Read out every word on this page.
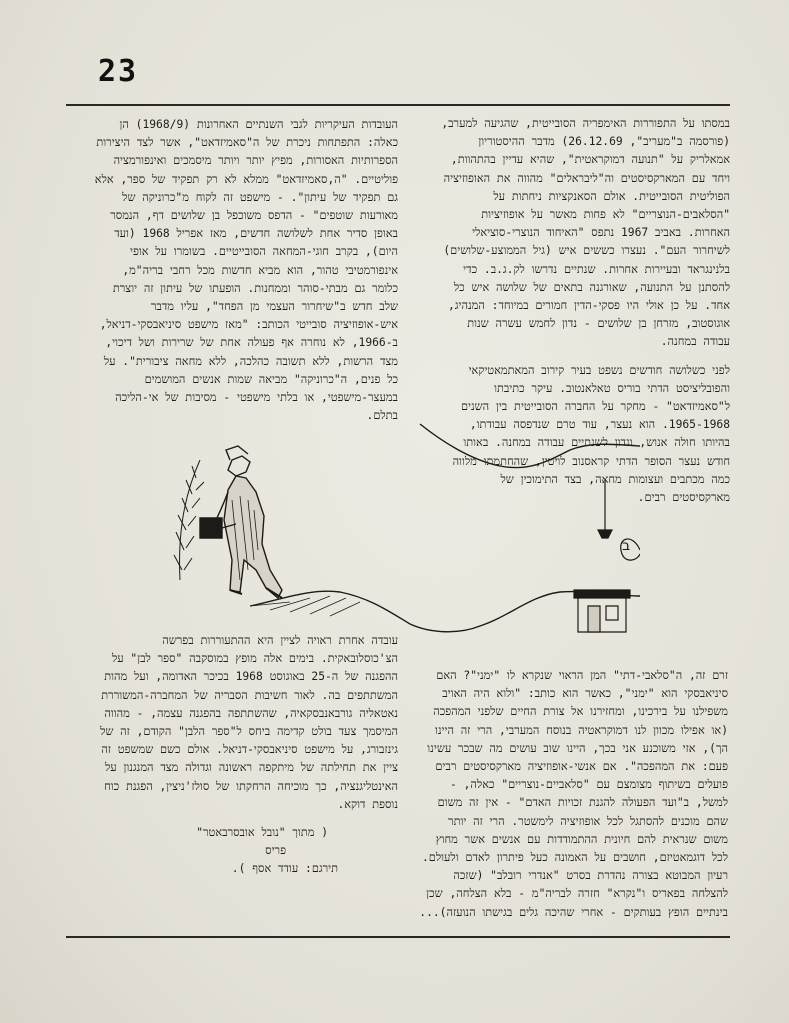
23

במסתו על התפוררות האימפריה הסובייטית, שהגיעה למערב, (פורסמה ב"מעריב", 26.12.69) מדבר ההיסטוריון אמאלריק על "תנועה דמוקראטית", שהיא עדיין בהתהוות, ויחד עם המארקסיסטים וה"ליבראלים" מהווה את האופוזיציה הפוליטית הסובייטית. אולם הסאנקציות ניחתות על "הסלאבים-הנוצריים" לא פחות מאשר על אופוזיציות האחרות. באביב 1967 נתפס "האיחוד הנוצרי-סוציאלי לשיחרור העם". נעצרו כששים איש (גיל הממוצע-שלושים) בלנינגראד ובעיירות אחרות. שנתיים נדרשו לק.ג.ב. כדי להסתנן על התנועה, שאורגנה בתאים של שלושה איש כל אחד. על כן אולי היו פסקי-הדין חמורים במיוחד: המנהיג, אוגוסטוב, מזרחן בן שלושים - נדון לחמש עשרה שנות עבודה במחנה.

לפני כשלושה חודשים נשפט בעיר קירוב המאתמאטיקאי והפובליציסט הדתי בוריס טאלאנטוב. עיקר כתיבתו ל"סאמיזדאט" - מחקר על החברה הסובייטית בין השנים 1965-1968. הוא נעצר, עוד טרם שנדפסה עבודתו, בהיותו חולה אנוש, ונדון לשנתיים עבודה במחנה. באותו חודש נעצר הסופר הדתי קראסנוב לויטין, שהחתמתו מלווה כמה מכתבים ועצומות מחאה, בצד התימוכין של מארקסיסטים רבים.

העובדות העיקריות לגבי השנתיים האחרונות (1968/9) הן כאלה: התפתחות ניכרת של ה"סאמיזדאט", אשר לצד היצירות הספרותיות האסורות, מפיץ יותר ויותר מיסמכים ואינפורמציה פוליטיים. "ה,סאמיזדאט" ממלא לא רק תפקיד של ספר, אלא גם תפקיד של עיתון". - מישפט זה לקוח מ"כרוניקה של מאורעות שוטפים" - הדפס משוכפל בן שלושים דף, הנמסר באופן סדיר אחת לשלושה חדשים, מאז אפריל 1968 (ועד היום), בקרב חוגי-המחאה הסובייטיים. בשומרו על אופי אינפורמטיבי טהור, הוא מביא חדשות מכל רחבי בריה"מ, כלומר גם מבתי-סוהר וממחנות. הופעתו של עיתון זה יוצרת שלב חדש ב"שיחרור העצמי מן הפחד", עליו מדבר איש-אופוזיציה סובייטי הכותב: "מאז מישפט סיניאבסקי-דניאל, ב-1966, לא נוחרה אף פעולה אחת של שרירות ושל דיכוי, מצד הרשות, ללא תשובה כהלכה, ללא מחאה ציבורית". על כל פנים, ה"כרוניקה" מביאה שמות אנשים המושמים במעצר-מישפטי, או בלתי מישפטי - מסיבות של אי-הליכה בתלם.

ב

עובדה אחרת ראויה לציין היא ההתעוררות בפרשה הצ'כוסלובאקית. בימים אלה מופץ במוסקבה "ספר לבן" על ההפגנה של ה-25 באוגוסט 1968 בכיכר האדומה, ועל מהות המשתתפים בה. לאור חשיבות הסבריה של המחברה-המשוררת נאטאליה גורבאנבסקאיה, שהשתתפה בהפגנה עצמה, - מהווה המיסמך צעד בולט קדימה ביחס ל"ספר הלבן" הקודם, זה של גינזבורג, על מישפט סיניאבסקי-דניאל. אולם כשם שמשפט זה ציין את תחילתה של מיתקפה ראשונה וגדולה מצד המנגנון על האינטליגנציה, כך מוכיחה הרחקתו של סולז'ניצין, הפגנת כוח נוספת דוקא.

( מתוך "נובל אובסרבאטר"
פריס
תירגם: עודד אסף ).

זרם זה, ה"סלאבי-דתי" המן הראוי שנקרא לו "ימני"? האם סיניאבסקי הוא "ימני", כאשר הוא כותב: "ולוא היה האויב משפילנו על בירכינו, ומחזירנו אל צורת החיים שלפני המהפכה (או אפילו מכוון לנו דמוקראטיה בנוסח המערבי, הרי זה היינו הך), אזי משוכנע אני בכך, היינו שוב עושים מה שבכר עשינו פעם: את המהפכה". אם אנשי-אופוזיציה מארקסיסטים רבים פועלים בשיתוף מצומצם עם "סלאביים-נוצריים" כאלה, - למשל, ב"ועד הפעולה להגנת זכויות האדם" - אין זה משום שהם מוכנים להסתגל לכל אופוזיציה לימשטר. הרי זה יותר משום שנראית להם חיונית ההתמודדות עם אנשים אשר מחוץ לכל דוגמאטיזם, חושבים על האמונה כעל פיתרון לאדם ולעולם. רעיון המבוטא בצורה נהדרת בסרט "אנדרי רובלב" (שזכה להצלחה בפאריס ו"נקרא" חזרה לבריה"מ - בלא הצלחה, שכן בינתיים הופץ בעותקים - אחרי שהיכה גלים בגישתו הנועזה)...
